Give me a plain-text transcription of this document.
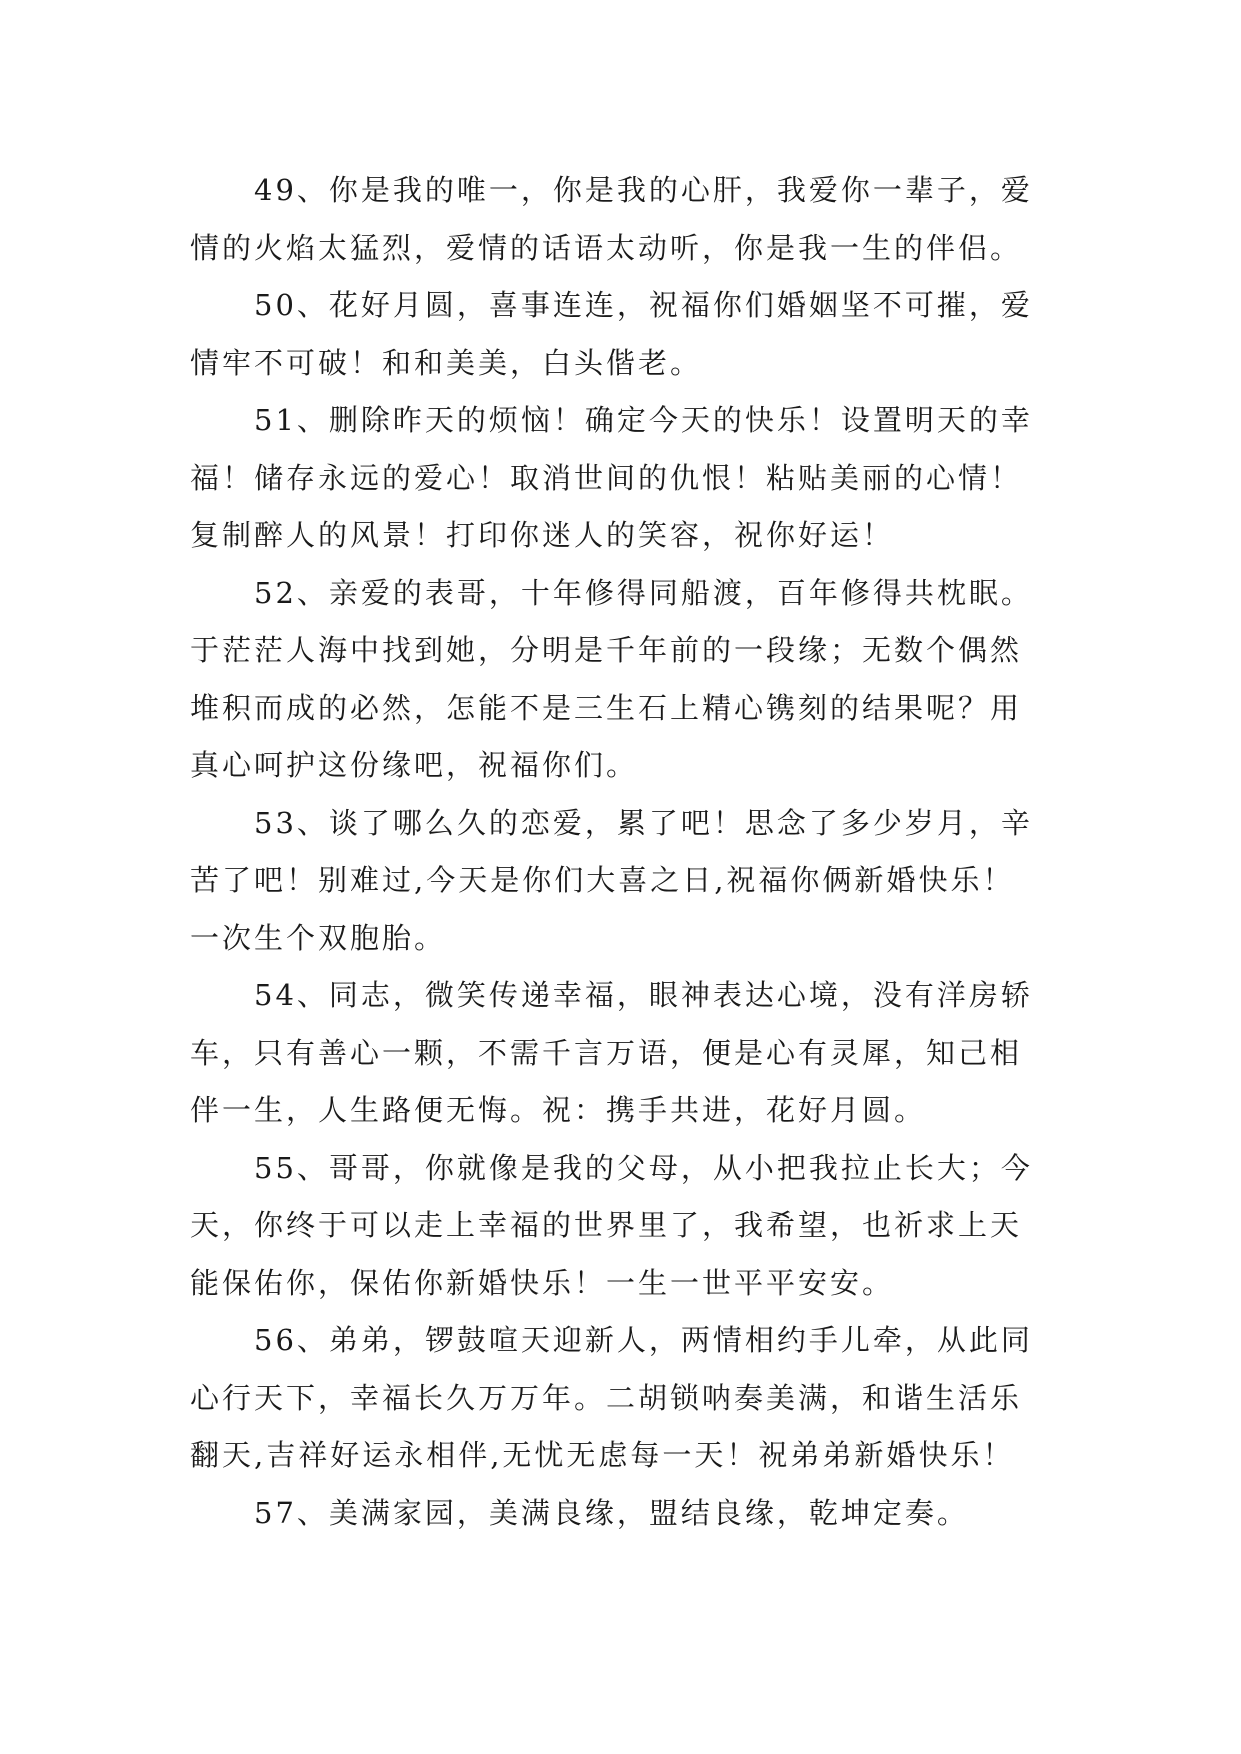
49、你是我的唯一，你是我的心肝，我爱你一辈子，爱
情的火焰太猛烈，爱情的话语太动听，你是我一生的伴侣。

50、花好月圆，喜事连连，祝福你们婚姻坚不可摧，爱
情牢不可破！和和美美，白头偕老。

51、删除昨天的烦恼！确定今天的快乐！设置明天的幸
福！储存永远的爱心！取消世间的仇恨！粘贴美丽的心情！
复制醉人的风景！打印你迷人的笑容，祝你好运！

52、亲爱的表哥，十年修得同船渡，百年修得共枕眠。
于茫茫人海中找到她，分明是千年前的一段缘；无数个偶然
堆积而成的必然，怎能不是三生石上精心镌刻的结果呢？用
真心呵护这份缘吧，祝福你们。

53、谈了哪么久的恋爱，累了吧！思念了多少岁月，辛
苦了吧！别难过,今天是你们大喜之日,祝福你俩新婚快乐！
一次生个双胞胎。

54、同志，微笑传递幸福，眼神表达心境，没有洋房轿
车，只有善心一颗，不需千言万语，便是心有灵犀，知己相
伴一生，人生路便无悔。祝：携手共进，花好月圆。

55、哥哥，你就像是我的父母，从小把我拉止长大；今
天，你终于可以走上幸福的世界里了，我希望，也祈求上天
能保佑你，保佑你新婚快乐！一生一世平平安安。

56、弟弟，锣鼓喧天迎新人，两情相约手儿牵，从此同
心行天下，幸福长久万万年。二胡锁呐奏美满，和谐生活乐
翻天,吉祥好运永相伴,无忧无虑每一天！祝弟弟新婚快乐！

57、美满家园，美满良缘，盟结良缘，乾坤定奏。
